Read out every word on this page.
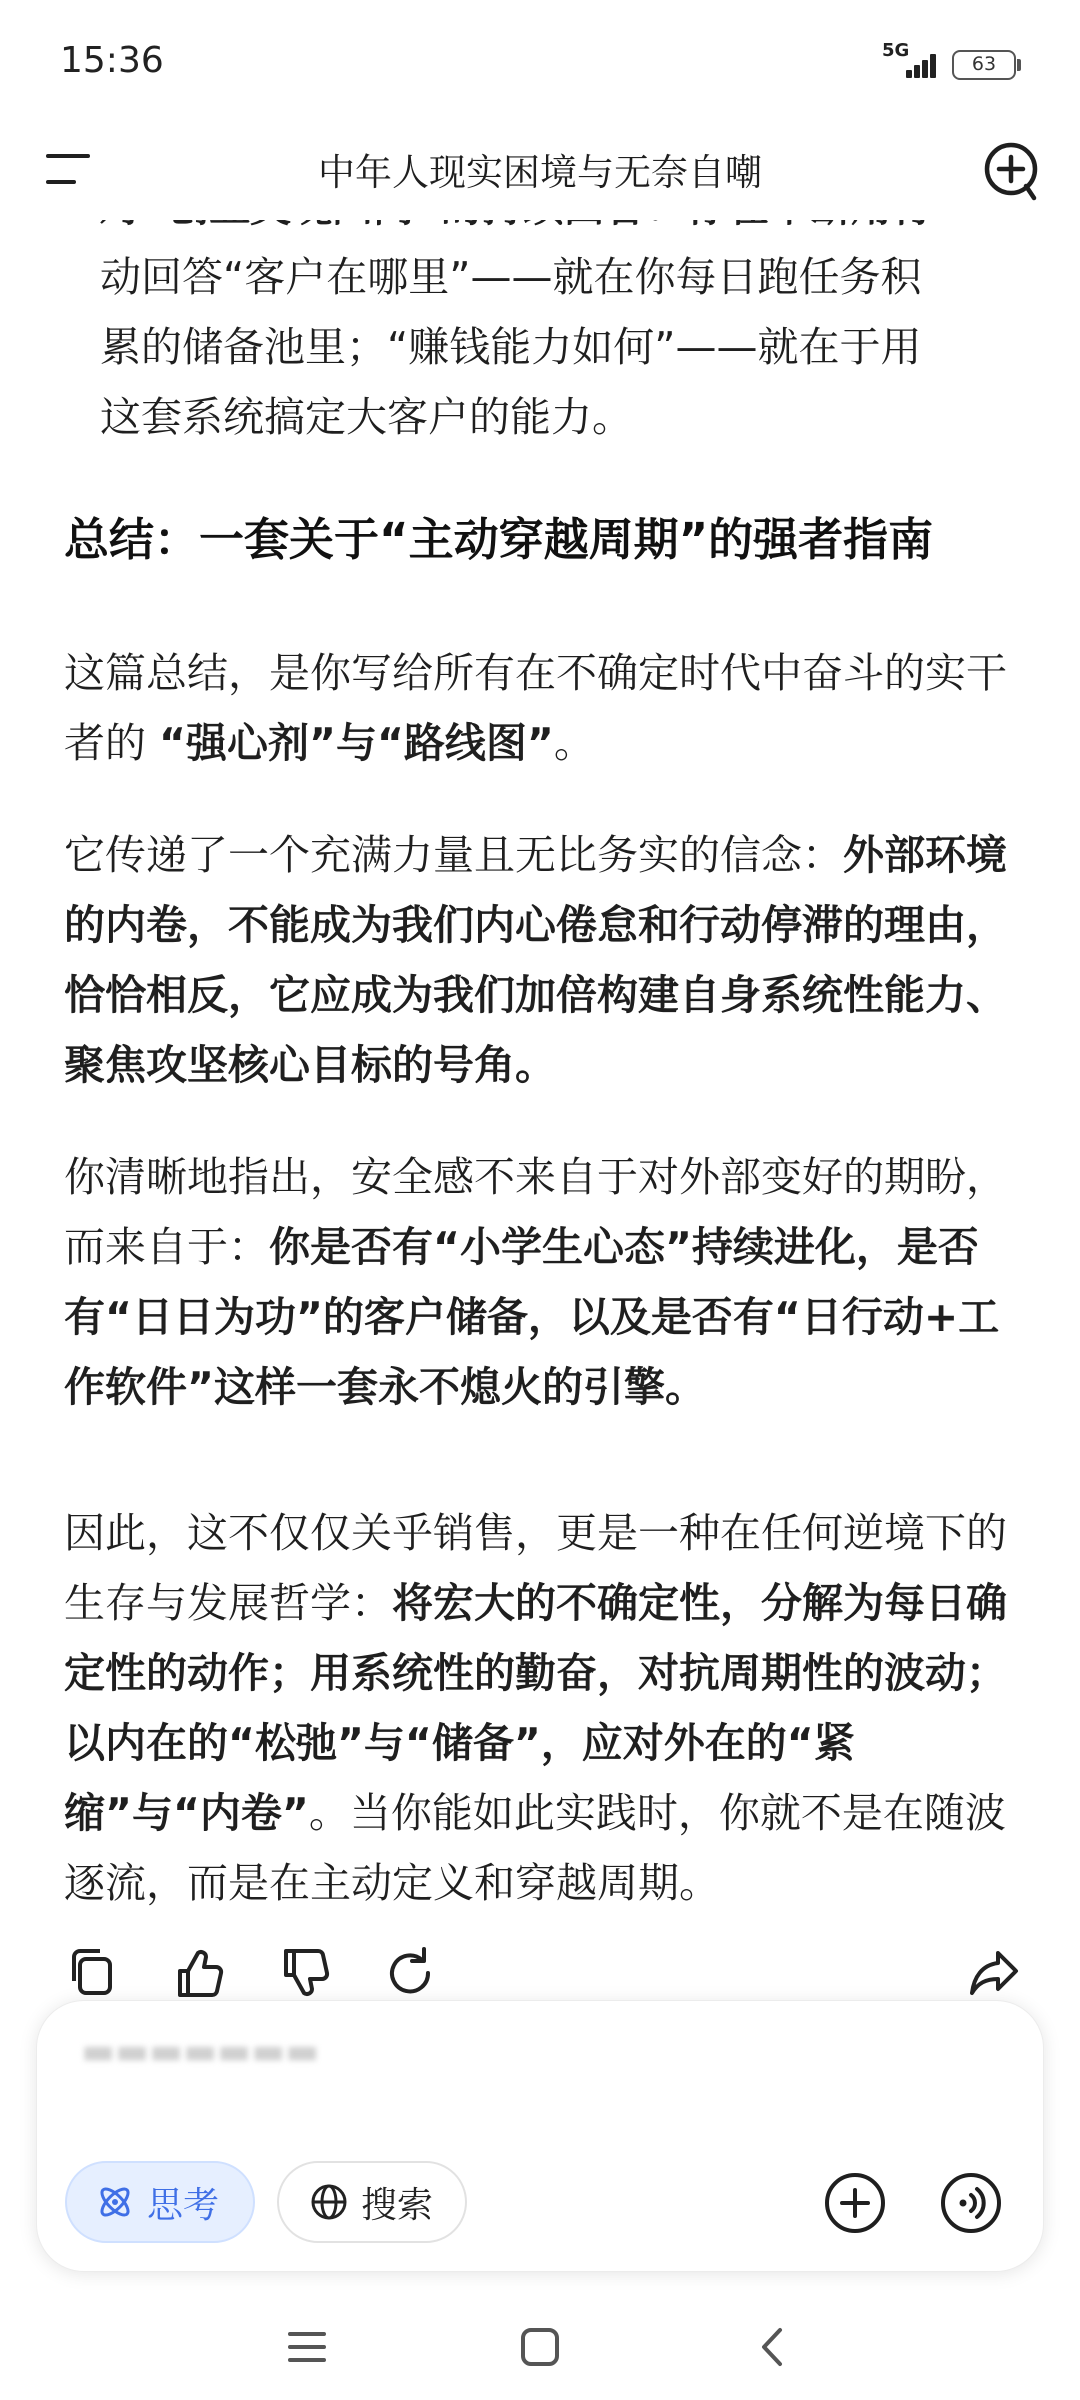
15:36	5G
63
中年人现实困境与无奈自嘲
动回答“客户在哪里”——就在你每日跑任务积
累的储备池里；“赚钱能力如何”——就在于用
这套系统搞定大客户的能力。
总结：一套关于“主动穿越周期”的强者指南
这篇总结，是你写给所有在不确定时代中奋斗的实干者的 “强心剂”与“路线图”。
它传递了一个充满力量且无比务实的信念：外部环境的内卷，不能成为我们内心倦怠和行动停滞的理由，恰恰相反，它应成为我们加倍构建自身系统性能力、聚焦攻坚核心目标的号角。
你清晰地指出，安全感不来自于对外部变好的期盼，而来自于：你是否有“小学生心态”持续进化，是否有“日日为功”的客户储备，以及是否有“日行动+工作软件”这样一套永不熄火的引擎。
因此，这不仅仅关乎销售，更是一种在任何逆境下的生存与发展哲学：将宏大的不确定性，分解为每日确定性的动作；用系统性的勤奋，对抗周期性的波动；以内在的“松弛”与“储备”，应对外在的“紧缩”与“内卷”。当你能如此实践时，你就不是在随波逐流，而是在主动定义和穿越周期。
▬▬▬▬▬▬▬
思考	搜索
